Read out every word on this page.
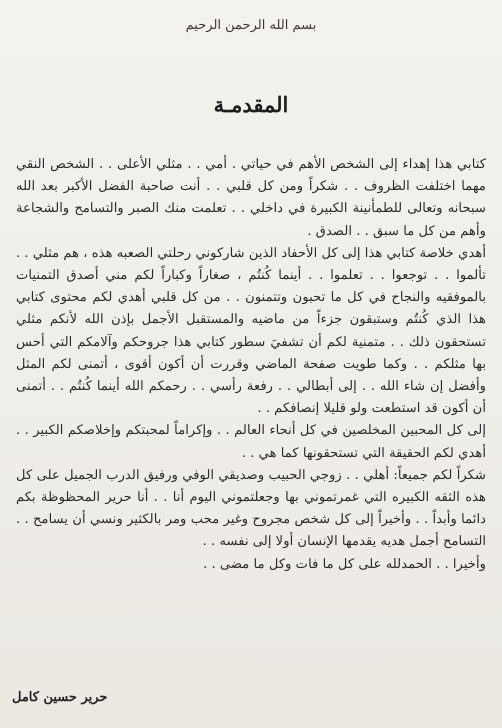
بسم الله الرحمن الرحيم
المقدمـة

كتابي هذا إهداء إلى الشخص الأهم في حياتي . أمي . . مثلي الأعلى . . الشخص النقي مهما اختلفت الظروف . . شكراً ومن كل قلبي . . أنت صاحبة الفضل الأكبر بعد الله سبحانه وتعالى للطمأنينة الكبيرة في داخلي . . تعلمت منك الصبر والتسامح والشجاعة وأهم من كل ما سبق . . الصدق .

أهدي خلاصة كتابي هذا إلى كل الأحفاد الذين شاركوني رحلتي الصعبه هذه ، هم مثلي . . تألموا . . توجعوا . . تعلموا . . أينما كُنتُم ، صغاراً وكباراً لكم مني أصدق التمنيات بالموفقيه والنجاح في كل ما تحبون وتتمنون . . من كل قلبي أهدي لكم محتوى كتابي هذا الذي كُنتُم وستبقون جزءاً من ماضيه والمستقبل الأجمل بإذن الله لأنكم مثلي تستحقون ذلك . . متمنية لكم أن تشفيَ سطور كتابي هذا جروحكم وآلامكم التي أحس بها مثلكم . . وكما طويت صفحة الماضي وقررت أن أكون أقوى ، أتمنى لكم المثل وأفضل إن شاء الله . . إلى أبطالي . . رفعة رأسي . . رحمكم الله أينما كُنتُم . . أتمنى أن أكون قد استطعت ولو قليلا إنصافكم . .

إلى كل المحبين المخلصين في كل أنحاء العالم . . وإكراماً لمحبتكم وإخلاصكم الكبير . . أهدي لكم الحقيقة التي تستحقونها كما هي . .

شكراً لكم جميعاً: أهلي . . زوجي الحبيب وصديقي الوفي ورفيق الدرب الجميل على كل هذه الثقه الكبيره التي غمرتموني بها وجعلتموني اليوم أنا . . أنا حرير المحظوظة بكم دائما وأبداً . . وأخيراً إلى كل شخص مجروح وغير محب ومر بالكثير ونسي أن يسامح . . التسامح أجمل هديه يقدمها الإنسان أولا إلى نفسه . .

وأخيرا . . الحمدلله على كل ما فات وكل ما مضى . .

حرير حسين كامل
